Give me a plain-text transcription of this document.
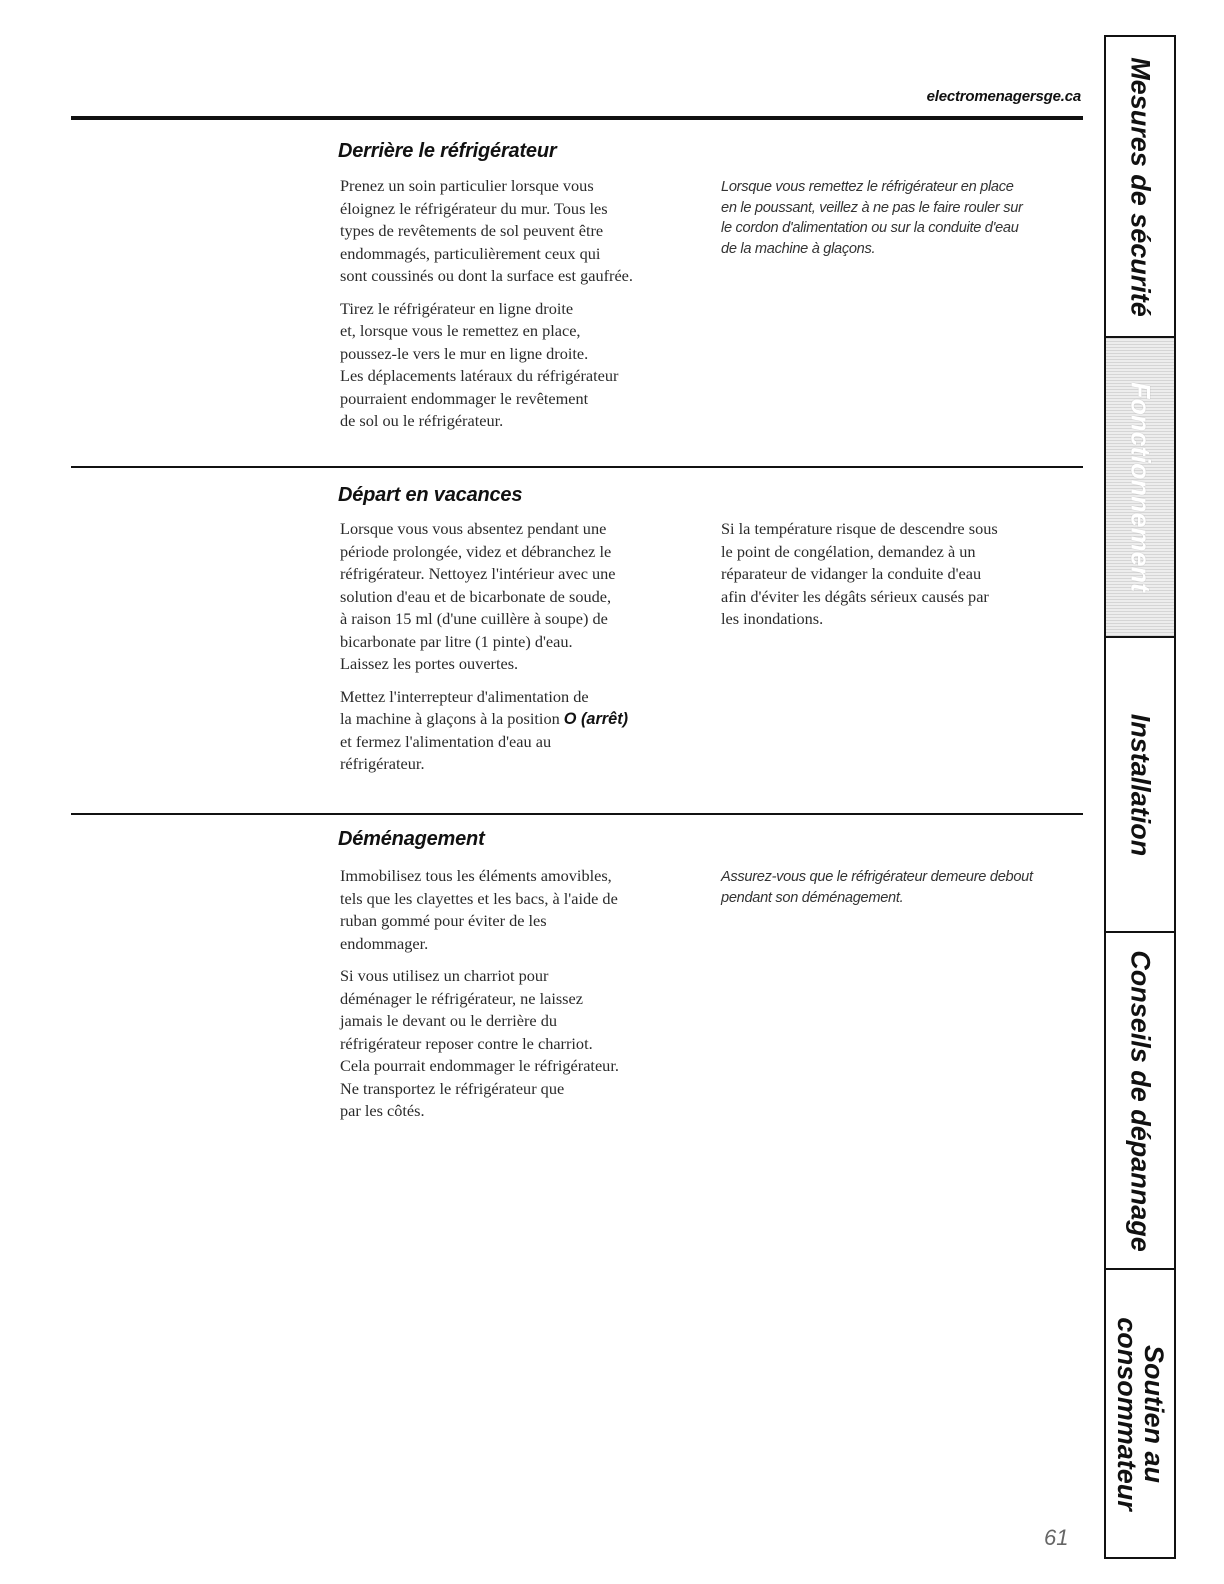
electromenagersge.ca
Derrière le réfrigérateur

Prenez un soin particulier lorsque vous
éloignez le réfrigérateur du mur. Tous les
types de revêtements de sol peuvent être
endommagés, particulièrement ceux qui
sont coussinés ou dont la surface est gaufrée.

Tirez le réfrigérateur en ligne droite
et, lorsque vous le remettez en place,
poussez-le vers le mur en ligne droite.
Les déplacements latéraux du réfrigérateur
pourraient endommager le revêtement
de sol ou le réfrigérateur.

Lorsque vous remettez le réfrigérateur en place
en le poussant, veillez à ne pas le faire rouler sur
le cordon d'alimentation ou sur la conduite d'eau
de la machine à glaçons.

Départ en vacances

Lorsque vous vous absentez pendant une
période prolongée, videz et débranchez le
réfrigérateur. Nettoyez l'intérieur avec une
solution d'eau et de bicarbonate de soude,
à raison 15 ml (d'une cuillère à soupe) de
bicarbonate par litre (1 pinte) d'eau.
Laissez les portes ouvertes.

Mettez l'interrepteur d'alimentation de
la machine à glaçons à la position O (arrêt)
et fermez l'alimentation d'eau au
réfrigérateur.

Si la température risque de descendre sous
le point de congélation, demandez à un
réparateur de vidanger la conduite d'eau
afin d'éviter les dégâts sérieux causés par
les inondations.

Déménagement

Immobilisez tous les éléments amovibles,
tels que les clayettes et les bacs, à l'aide de
ruban gommé pour éviter de les
endommager.

Si vous utilisez un charriot pour
déménager le réfrigérateur, ne laissez
jamais le devant ou le derrière du
réfrigérateur reposer contre le charriot.
Cela pourrait endommager le réfrigérateur.
Ne transportez le réfrigérateur que
par les côtés.

Assurez-vous que le réfrigérateur demeure debout
pendant son déménagement.

Mesures de sécurité
Fonctionnement
Installation
Conseils de dépannage
Soutien au
consommateur
61
